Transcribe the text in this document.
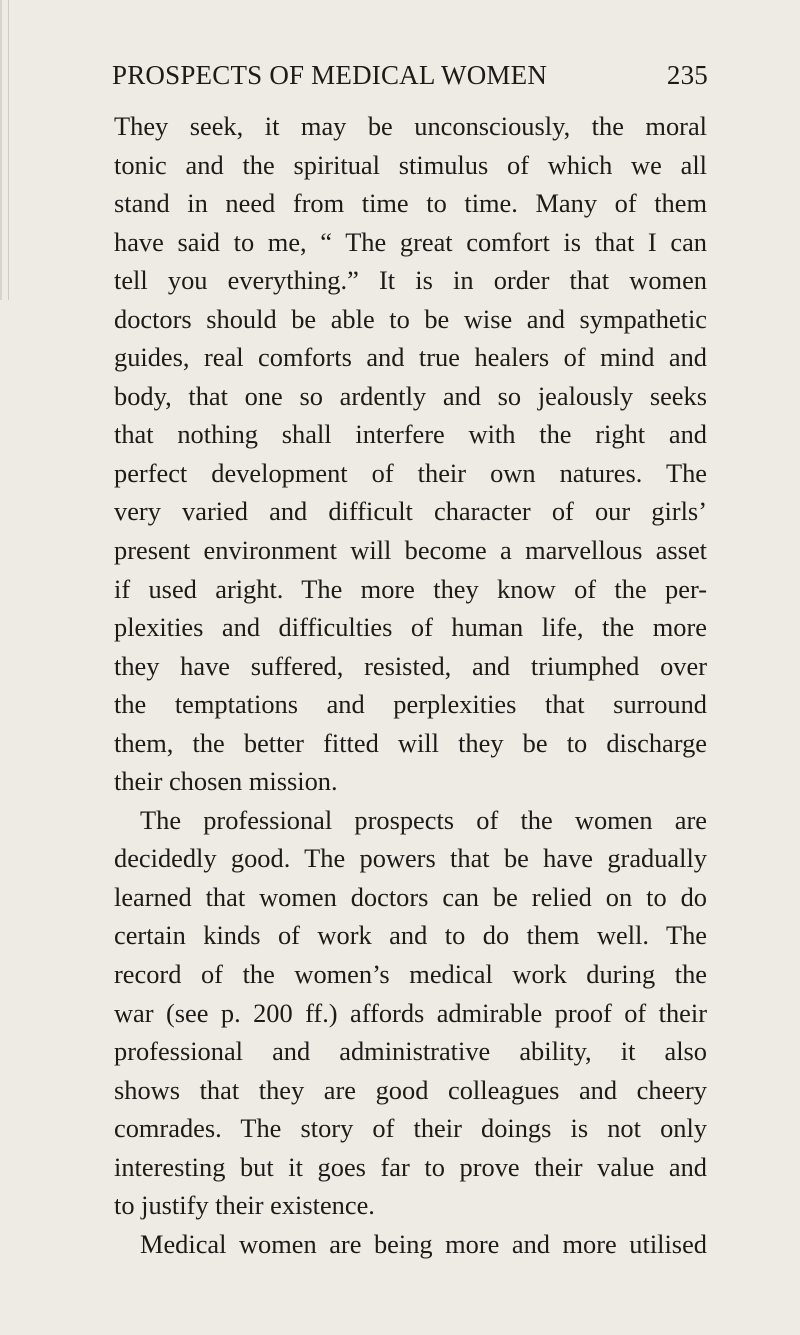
PROSPECTS OF MEDICAL WOMEN	235
They seek, it may be unconsciously, the moral
tonic and the spiritual stimulus of which we all
stand in need from time to time. Many of them
have said to me, “ The great comfort is that I can
tell you everything.” It is in order that women
doctors should be able to be wise and sympathetic
guides, real comforts and true healers of mind and
body, that one so ardently and so jealously seeks
that nothing shall interfere with the right and
perfect development of their own natures. The
very varied and difficult character of our girls’
present environment will become a marvellous asset
if used aright. The more they know of the per-
plexities and difficulties of human life, the more
they have suffered, resisted, and triumphed over
the temptations and perplexities that surround
them, the better fitted will they be to discharge
their chosen mission.
The professional prospects of the women are
decidedly good. The powers that be have gradually
learned that women doctors can be relied on to do
certain kinds of work and to do them well. The
record of the women’s medical work during the
war (see p. 200 ff.) affords admirable proof of their
professional and administrative ability, it also
shows that they are good colleagues and cheery
comrades. The story of their doings is not only
interesting but it goes far to prove their value and
to justify their existence.
Medical women are being more and more utilised
